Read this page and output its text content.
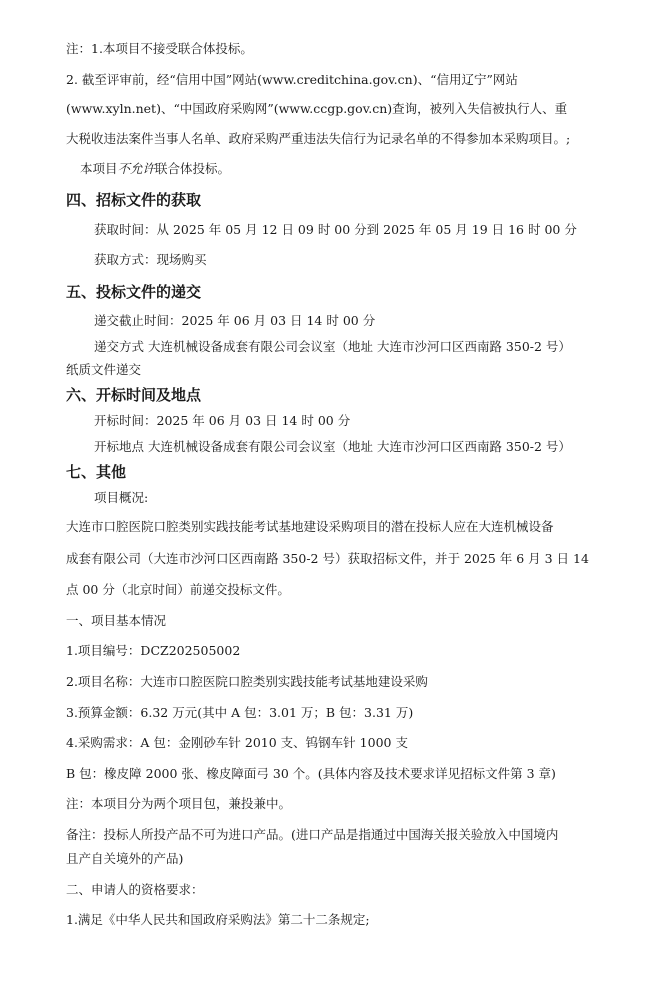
注：1.本项目不接受联合体投标。
2. 截至评审前，经“信用中国”网站(www.creditchina.gov.cn)、“信用辽宁”网站
(www.xyln.net)、“中国政府采购网”(www.ccgp.gov.cn)查询，被列入失信被执行人、重
大税收违法案件当事人名单、政府采购严重违法失信行为记录名单的不得参加本采购项目。;
本项目不允许联合体投标。
四、招标文件的获取
获取时间：从 2025 年 05 月 12 日 09 时 00 分到 2025 年 05 月 19 日 16 时 00 分
获取方式：现场购买
五、投标文件的递交
递交截止时间：2025 年 06 月 03 日 14 时 00 分
递交方式 大连机械设备成套有限公司会议室（地址 大连市沙河口区西南路 350-2 号）
纸质文件递交
六、开标时间及地点
开标时间：2025 年 06 月 03 日 14 时 00 分
开标地点 大连机械设备成套有限公司会议室（地址 大连市沙河口区西南路 350-2 号）
七、其他
项目概况:
大连市口腔医院口腔类别实践技能考试基地建设采购项目的潜在投标人应在大连机械设备
成套有限公司（大连市沙河口区西南路 350-2 号）获取招标文件，并于 2025 年 6 月 3 日 14
点 00 分（北京时间）前递交投标文件。
一、项目基本情况
1.项目编号：DCZ202505002
2.项目名称：大连市口腔医院口腔类别实践技能考试基地建设采购
3.预算金额：6.32 万元(其中 A 包：3.01 万；B 包：3.31 万)
4.采购需求：A 包：金刚砂车针 2010 支、钨钢车针 1000 支
B 包：橡皮障 2000 张、橡皮障面弓 30 个。(具体内容及技术要求详见招标文件第 3 章)
注：本项目分为两个项目包，兼投兼中。
备注：投标人所投产品不可为进口产品。(进口产品是指通过中国海关报关验放入中国境内
且产自关境外的产品)
二、申请人的资格要求：
1.满足《中华人民共和国政府采购法》第二十二条规定;
